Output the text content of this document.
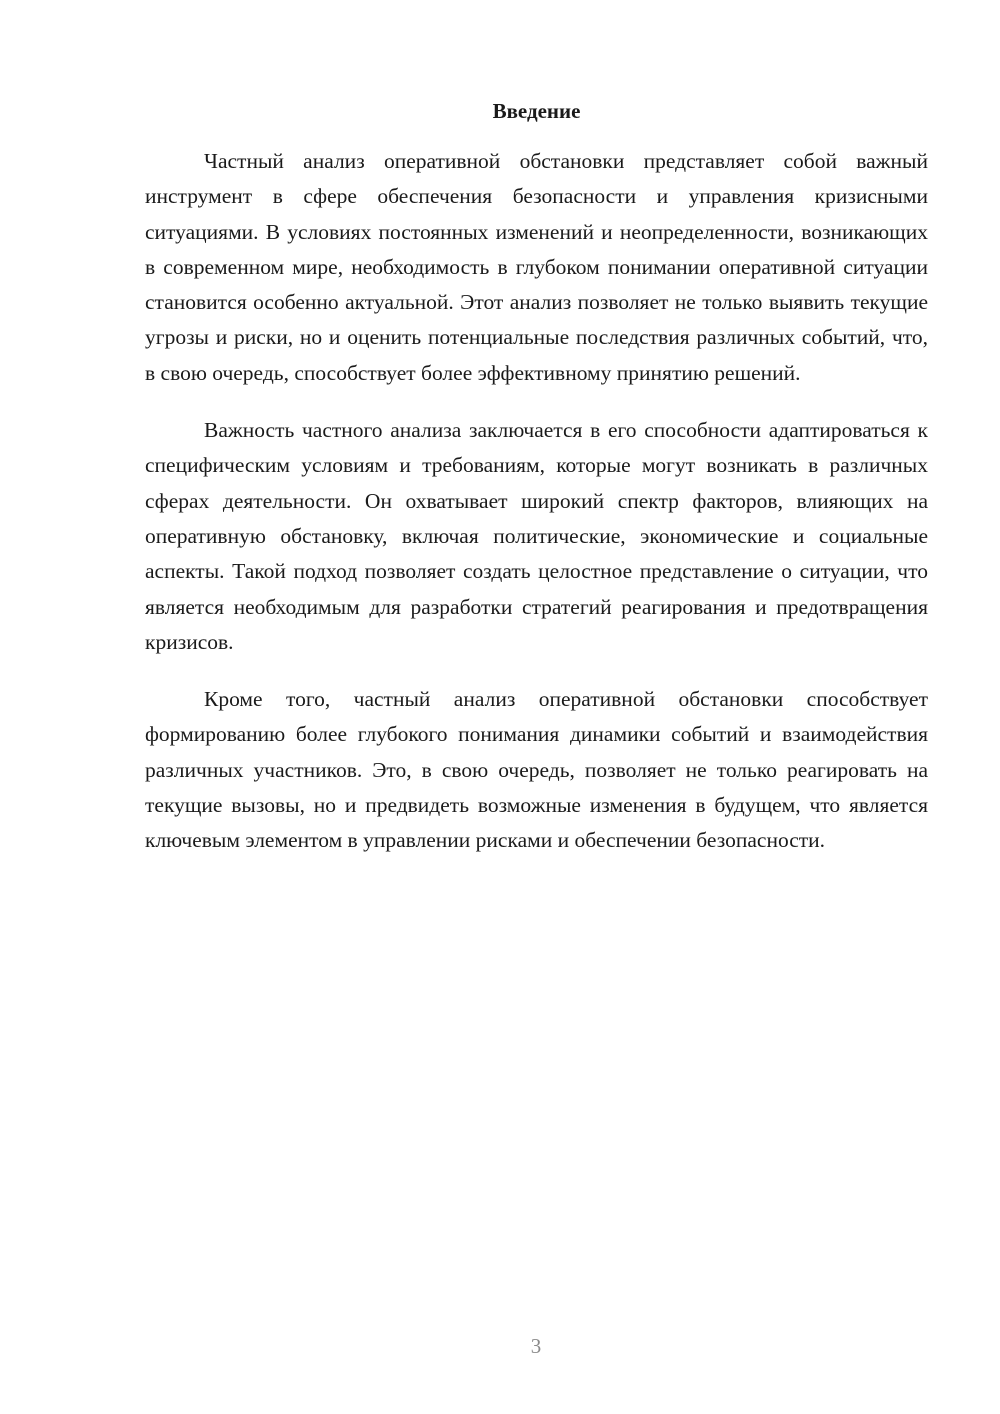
Введение

Частный анализ оперативной обстановки представляет собой важный инструмент в сфере обеспечения безопасности и управления кризисными ситуациями. В условиях постоянных изменений и неопределенности, возникающих в современном мире, необходимость в глубоком понимании оперативной ситуации становится особенно актуальной. Этот анализ позволяет не только выявить текущие угрозы и риски, но и оценить потенциальные последствия различных событий, что, в свою очередь, способствует более эффективному принятию решений.

Важность частного анализа заключается в его способности адаптироваться к специфическим условиям и требованиям, которые могут возникать в различных сферах деятельности. Он охватывает широкий спектр факторов, влияющих на оперативную обстановку, включая политические, экономические и социальные аспекты. Такой подход позволяет создать целостное представление о ситуации, что является необходимым для разработки стратегий реагирования и предотвращения кризисов.

Кроме того, частный анализ оперативной обстановки способствует формированию более глубокого понимания динамики событий и взаимодействия различных участников. Это, в свою очередь, позволяет не только реагировать на текущие вызовы, но и предвидеть возможные изменения в будущем, что является ключевым элементом в управлении рисками и обеспечении безопасности.

3
